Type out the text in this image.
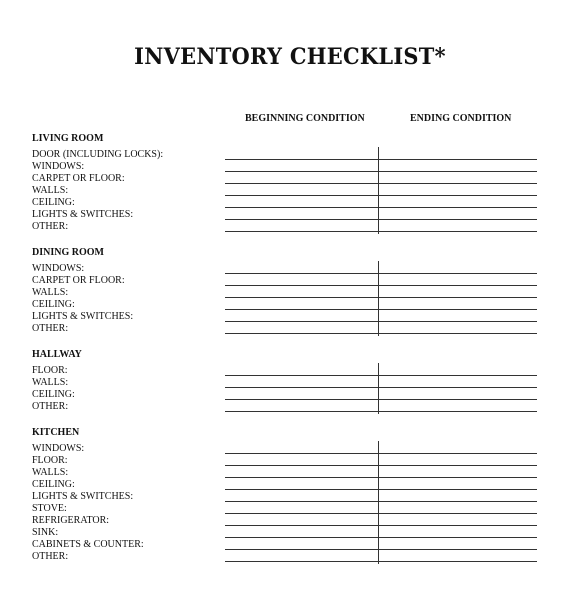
INVENTORY CHECKLIST*
BEGINNING CONDITION	ENDING CONDITION
LIVING ROOM
DOOR (INCLUDING LOCKS):
WINDOWS:
CARPET OR FLOOR:
WALLS:
CEILING:
LIGHTS & SWITCHES:
OTHER:
DINING ROOM
WINDOWS:
CARPET OR FLOOR:
WALLS:
CEILING:
LIGHTS & SWITCHES:
OTHER:
HALLWAY
FLOOR:
WALLS:
CEILING:
OTHER:
KITCHEN
WINDOWS:
FLOOR:
WALLS:
CEILING:
LIGHTS & SWITCHES:
STOVE:
REFRIGERATOR:
SINK:
CABINETS & COUNTER:
OTHER:
